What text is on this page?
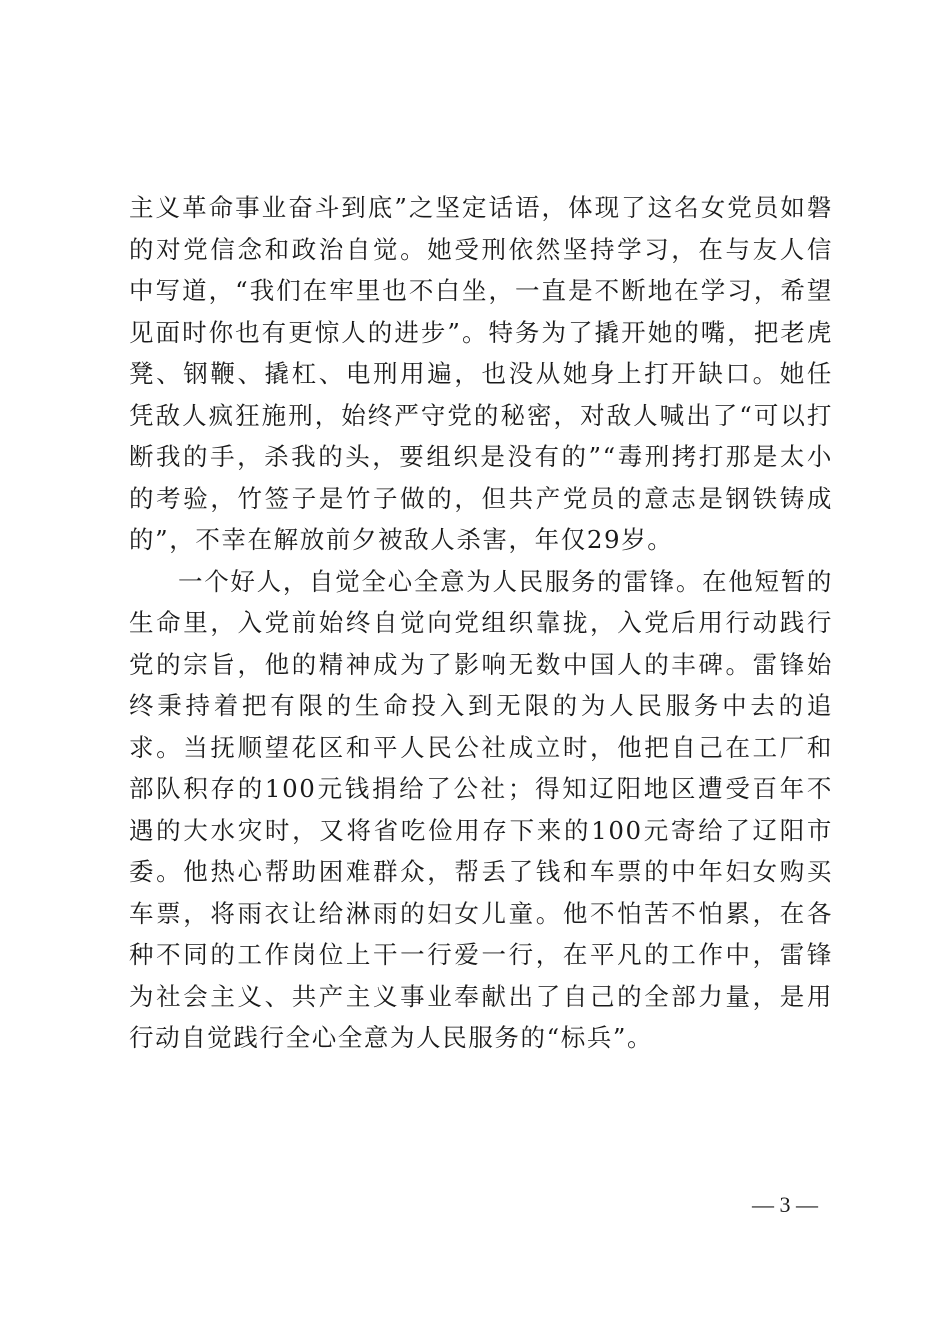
主义革命事业奋斗到底”之坚定话语，体现了这名女党员如磐的对党信念和政治自觉。她受刑依然坚持学习，在与友人信中写道，“我们在牢里也不白坐，一直是不断地在学习，希望见面时你也有更惊人的进步”。特务为了撬开她的嘴，把老虎凳、钢鞭、撬杠、电刑用遍，也没从她身上打开缺口。她任凭敌人疯狂施刑，始终严守党的秘密，对敌人喊出了“可以打断我的手，杀我的头，要组织是没有的”“毒刑拷打那是太小的考验，竹签子是竹子做的，但共产党员的意志是钢铁铸成的”，不幸在解放前夕被敌人杀害，年仅29岁。

一个好人，自觉全心全意为人民服务的雷锋。在他短暂的生命里，入党前始终自觉向党组织靠拢，入党后用行动践行党的宗旨，他的精神成为了影响无数中国人的丰碑。雷锋始终秉持着把有限的生命投入到无限的为人民服务中去的追求。当抚顺望花区和平人民公社成立时，他把自己在工厂和部队积存的100元钱捐给了公社；得知辽阳地区遭受百年不遇的大水灾时，又将省吃俭用存下来的100元寄给了辽阳市委。他热心帮助困难群众，帮丢了钱和车票的中年妇女购买车票，将雨衣让给淋雨的妇女儿童。他不怕苦不怕累，在各种不同的工作岗位上干一行爱一行，在平凡的工作中，雷锋为社会主义、共产主义事业奉献出了自己的全部力量，是用行动自觉践行全心全意为人民服务的“标兵”。

— 3 —
